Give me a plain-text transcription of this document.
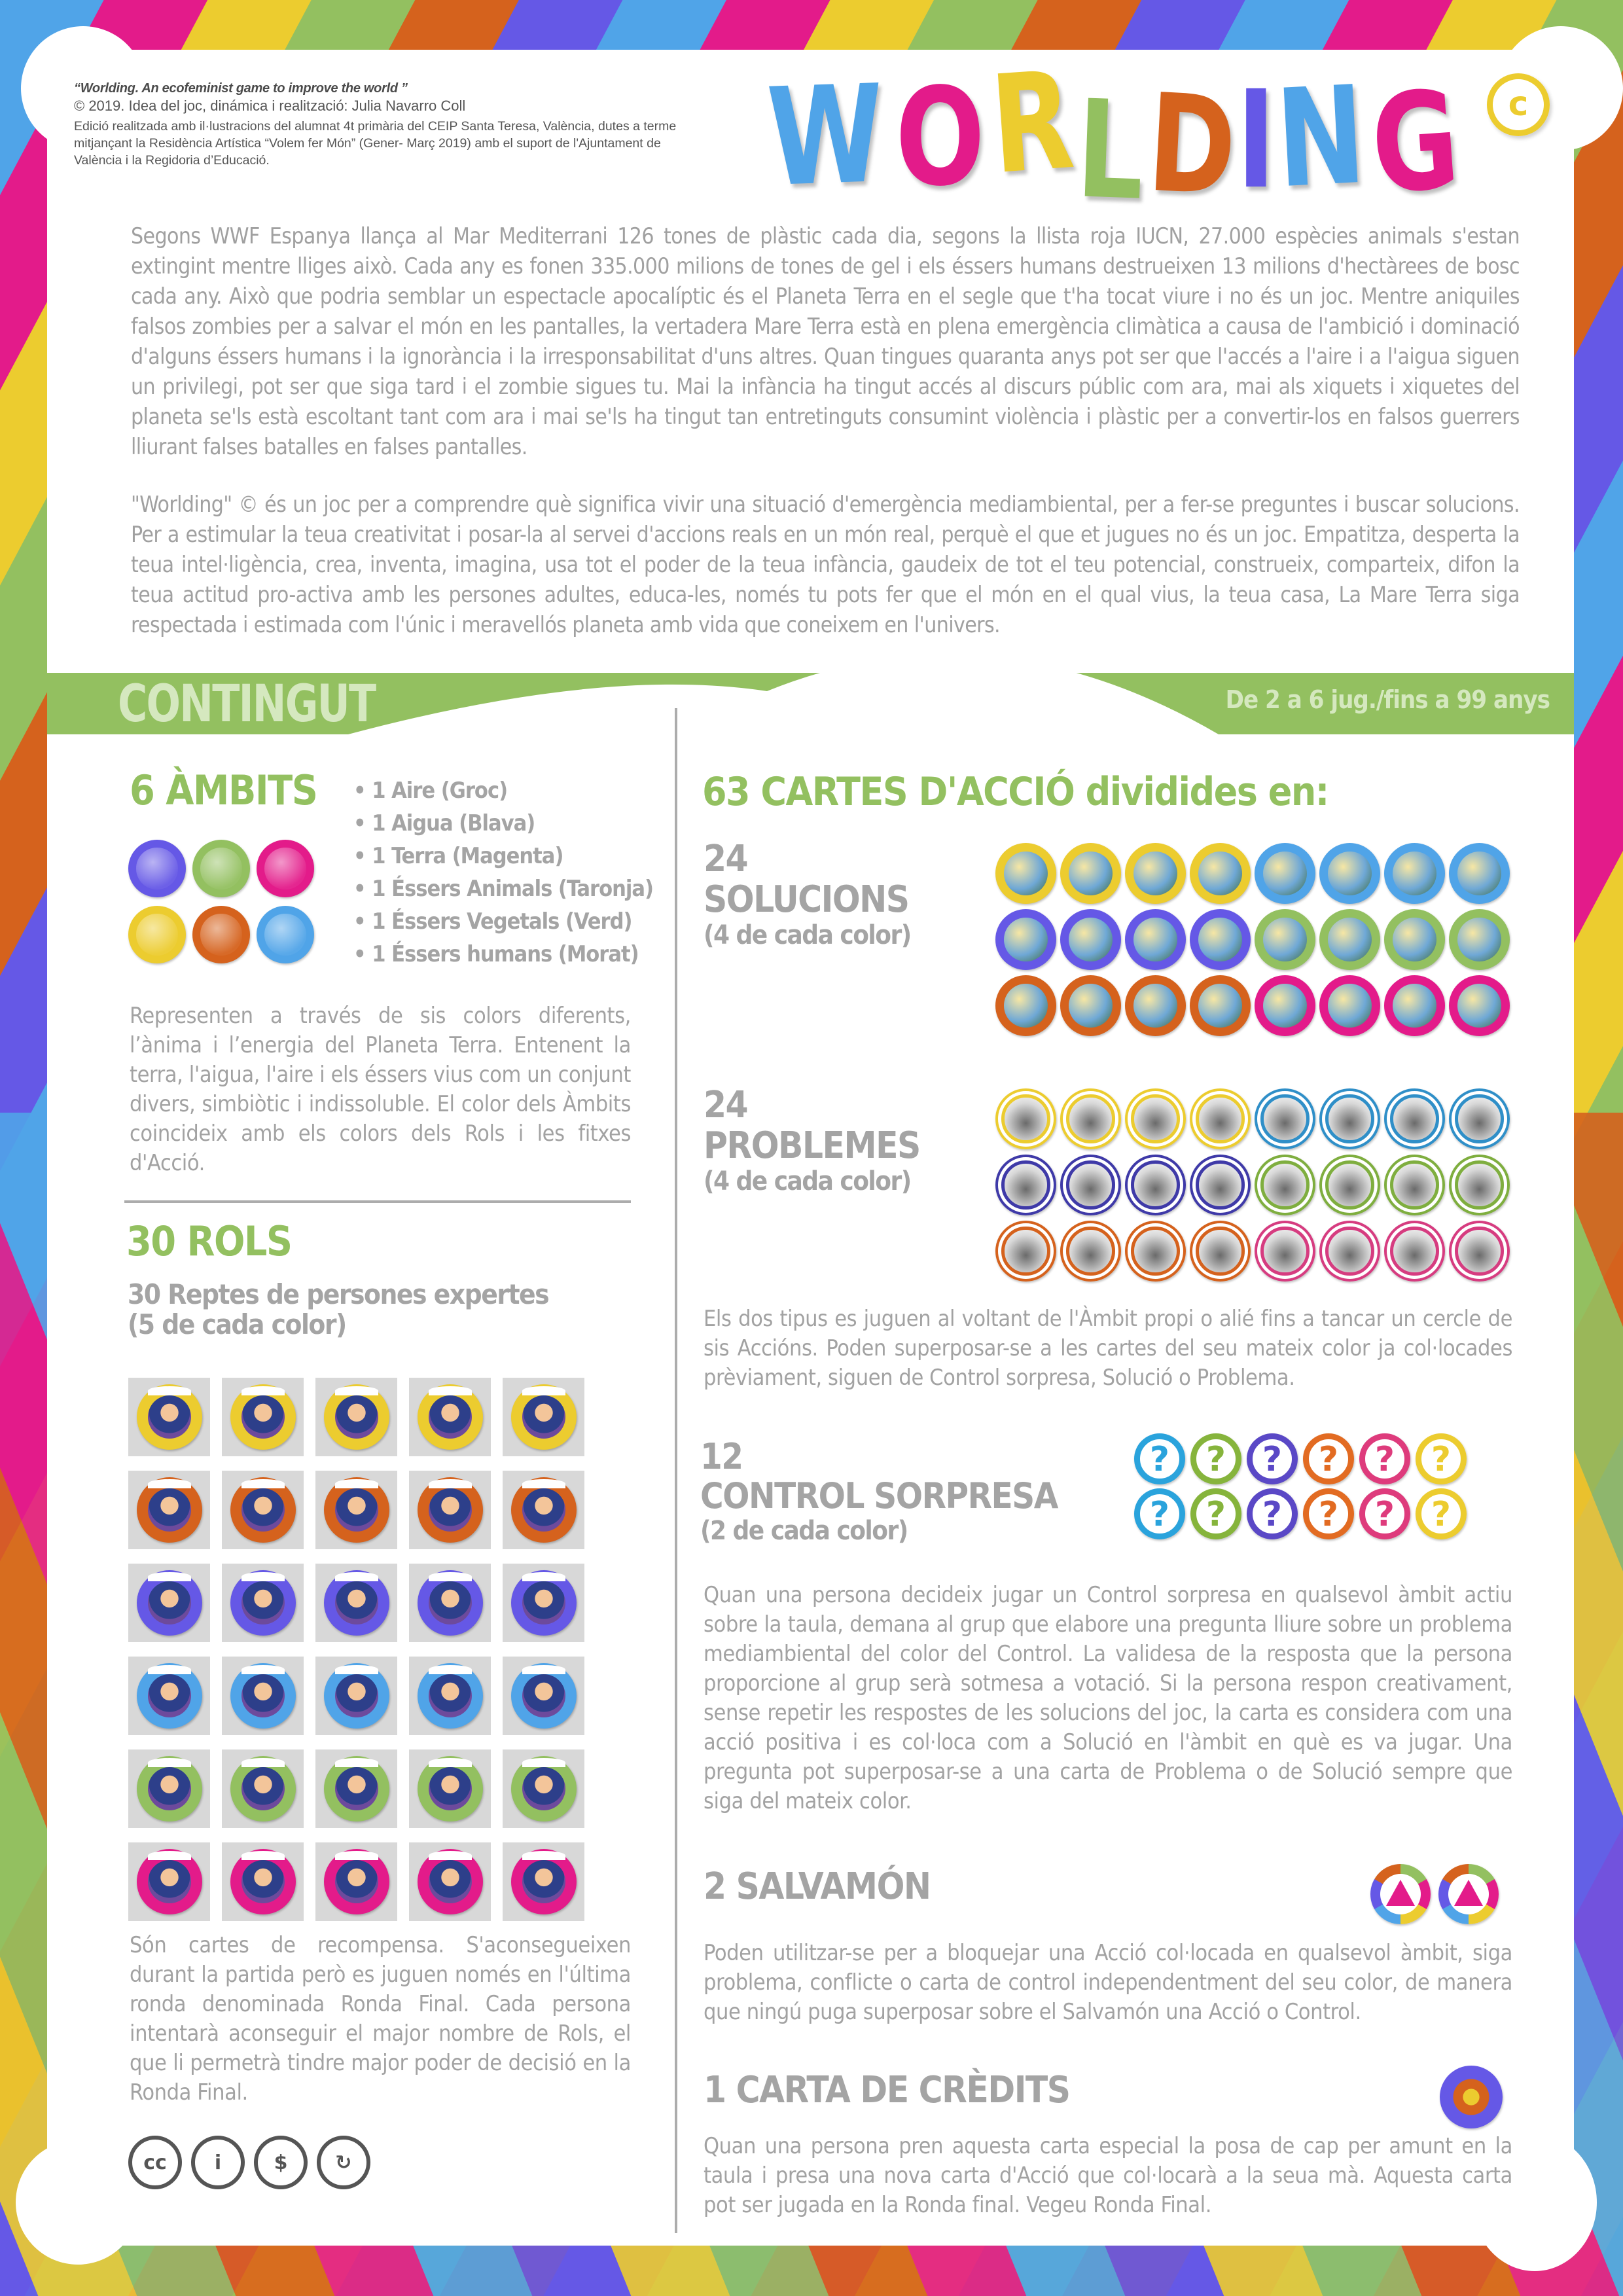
“Worlding. An ecofeminist game to improve the world ”
© 2019. Idea del joc, dinámica i realització: Julia Navarro Coll
Edició realitzada amb il·lustracions del alumnat 4t primària del CEIP Santa Teresa, València, dutes a terme mitjançant la Residència Artística “Volem fer Món” (Gener- Març 2019) amb el suport de l'Ajuntament de València i la Regidoria d’Educació.	W O R
L
D
I
N
G	c

Segons WWF Espanya llança al Mar Mediterrani 126 tones de plàstic cada dia, segons la llista roja IUCN, 27.000 espècies animals s'estan extingint mentre lliges això. Cada any es fonen 335.000 milions de tones de gel i els éssers humans destrueixen 13 milions d'hectàrees de bosc cada any. Això que podria semblar un espectacle apocalíptic és el Planeta Terra en el segle que t'ha tocat viure i no és un joc. Mentre aniquiles falsos zombies per a salvar el món en les pantalles, la vertadera Mare Terra està en plena emergència climàtica a causa de l'ambició i dominació d'alguns éssers humans i la ignorància i la irresponsabilitat d'uns altres. Quan tingues quaranta anys pot ser que l'accés a l'aire i a l'aigua siguen un privilegi, pot ser que siga tard i el zombie sigues tu. Mai la infància ha tingut accés al discurs públic com ara, mai als xiquets i xiquetes del planeta se'ls està escoltant tant com ara i mai se'ls ha tingut tan entretinguts consumint violència i plàstic per a convertir-los en falsos guerrers lliurant falses batalles en falses pantalles.

"Worlding" © és un joc per a comprendre què significa vivir una situació d'emergència mediambiental, per a fer-se preguntes i buscar solucions. Per a estimular la teua creativitat i posar-la al servei d'accions reals en un món real, perquè el que et jugues no és un joc. Empatitza, desperta la teua intel·ligència, crea, inventa, imagina, usa tot el poder de la teua infància, gaudeix de tot el teu potencial, construeix, comparteix, difon la teua actitud pro-activa amb les persones adultes, educa-les, només tu pots fer que el món en el qual vius, la teua casa, La Mare Terra siga respectada i estimada com l'únic i meravellós planeta amb vida que coneixem en l'univers.

CONTINGUT	De 2 a 6 jug./fins a 99 anys
6 ÀMBITS	• 1 Aire (Groc)
• 1 Aigua (Blava)
• 1 Terra (Magenta)
• 1 Éssers Animals (Taronja)
• 1 Éssers Vegetals (Verd)
• 1 Éssers humans (Morat)

Representen a través de sis colors diferents, l’ànima i l’energia del Planeta Terra. Entenent la terra, l'aigua, l'aire i els éssers vius com un conjunt divers, simbiòtic i indissoluble. El color dels Àmbits coincideix amb els colors dels Rols i les fitxes d'Acció.

30 ROLS
30 Reptes de persones expertes
(5 de cada color)

Són cartes de recompensa. S'aconsegueixen durant la partida però es juguen només en l'última ronda denominada Ronda Final. Cada persona intentarà aconseguir el major nombre de Rols, el que li permetrà tindre major poder de decisió en la Ronda Final.

cc	i	$	↻
63 CARTES D'ACCIÓ dividides en:
24
SOLUCIONS
(4 de cada color)
24
PROBLEMES
(4 de cada color)

Els dos tipus es juguen al voltant de l'Àmbit propi o alié fins a tancar un cercle de sis Accións. Poden superposar-se a les cartes del seu mateix color ja col·locades prèviament, siguen de Control sorpresa, Solució o Problema.

12
CONTROL SORPRESA
(2 de cada color)
?	?	?	?	?	?
?	?	?	?	?	?

Quan una persona decideix jugar un Control sorpresa en qualsevol àmbit actiu sobre la taula, demana al grup que elabore una pregunta lliure sobre un problema mediambiental del color del Control. La validesa de la resposta que la persona proporcione al grup serà sotmesa a votació. Si la persona respon creativament, sense repetir les respostes de les solucions del joc, la carta es considera com una acció positiva i es col·loca com a Solució en l'àmbit en què es va jugar. Una pregunta pot superposar-se a una carta de Problema o de Solució sempre que siga del mateix color.

2 SALVAMÓN

Poden utilitzar-se per a bloquejar una Acció col·locada en qualsevol àmbit, siga problema, conflicte o carta de control independentment del seu color, de manera que ningú puga superposar sobre el Salvamón una Acció o Control.

1 CARTA DE CRÈDITS

Quan una persona pren aquesta carta especial la posa de cap per amunt en la taula i presa una nova carta d'Acció que col·locarà a la seua mà. Aquesta carta pot ser jugada en la Ronda final. Vegeu Ronda Final.
